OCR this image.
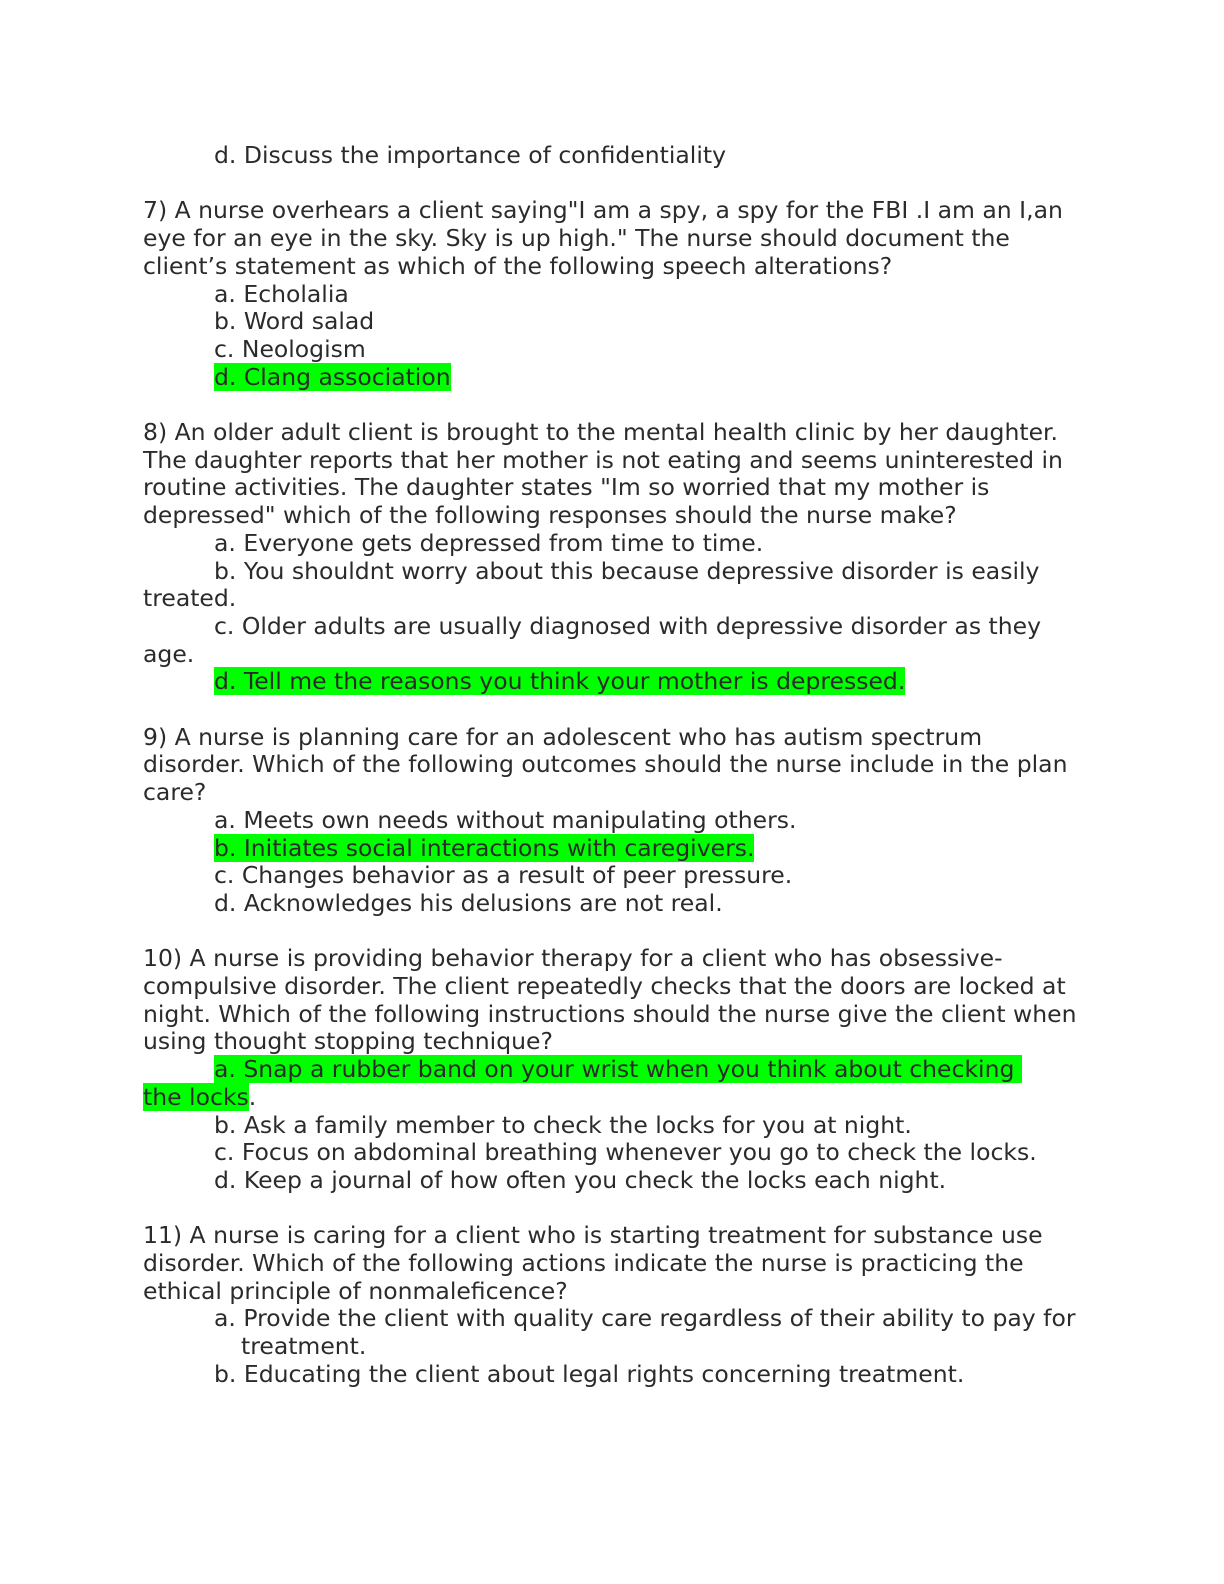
d. Discuss the importance of confidentiality
7) A nurse overhears a client saying"I am a spy, a spy for the FBI .I am an I,an eye for an eye in the sky. Sky is up high." The nurse should document the client’s statement as which of the following speech alterations?
a. Echolalia
b. Word salad
c. Neologism
d. Clang association
8) An older adult client is brought to the mental health clinic by her daughter. The daughter reports that her mother is not eating and seems uninterested in routine activities. The daughter states "Im so worried that my mother is depressed" which of the following responses should the nurse make?
a. Everyone gets depressed from time to time.
b. You shouldnt worry about this because depressive disorder is easily
treated.
c. Older adults are usually diagnosed with depressive disorder as they
age.
d. Tell me the reasons you think your mother is depressed.
9) A nurse is planning care for an adolescent who has autism spectrum disorder. Which of the following outcomes should the nurse include in the plan care?
a. Meets own needs without manipulating others.
b. Initiates social interactions with caregivers.
c. Changes behavior as a result of peer pressure.
d. Acknowledges his delusions are not real.
10) A nurse is providing behavior therapy for a client who has obsessive-compulsive disorder. The client repeatedly checks that the doors are locked at night. Which of the following instructions should the nurse give the client when using thought stopping technique?
a. Snap a rubber band on your wrist when you think about checking
the locks.
b. Ask a family member to check the locks for you at night.
c. Focus on abdominal breathing whenever you go to check the locks.
d. Keep a journal of how often you check the locks each night.
11) A nurse is caring for a client who is starting treatment for substance use disorder. Which of the following actions indicate the nurse is practicing the ethical principle of nonmaleficence?
a. Provide the client with quality care regardless of their ability to pay for treatment.
b. Educating the client about legal rights concerning treatment.
